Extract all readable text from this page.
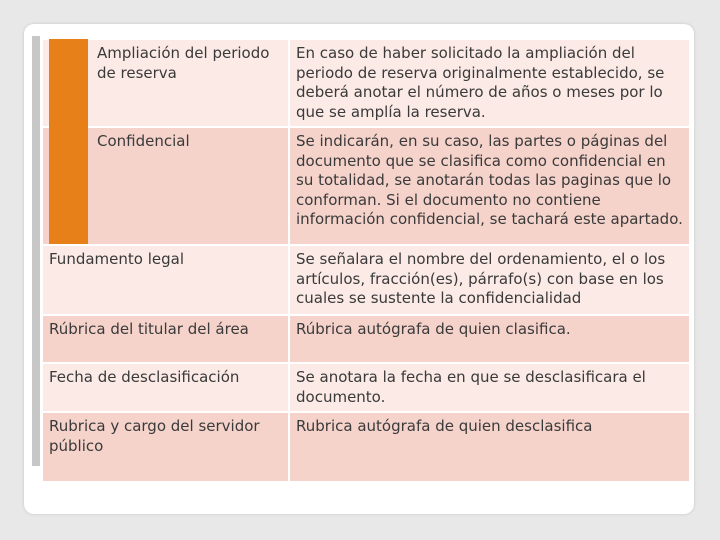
Ampliación del periodo de reserva	En caso de haber solicitado la ampliación del periodo de reserva originalmente establecido, se deberá anotar el número de años o meses por lo que se amplía la reserva.
Confidencial	Se indicarán, en su caso, las partes o páginas del documento que se clasifica como confidencial en su totalidad, se anotarán todas las paginas que lo conforman. Si el documento no contiene información confidencial, se tachará este apartado.
Fundamento legal	Se señalara el nombre del ordenamiento, el o los artículos, fracción(es), párrafo(s) con base en los cuales se sustente la confidencialidad
Rúbrica del titular del área	Rúbrica autógrafa de quien clasifica.
Fecha de desclasificación	Se anotara la fecha en que se desclasificara el documento.
Rubrica y cargo del servidor público	Rubrica autógrafa de quien desclasifica
